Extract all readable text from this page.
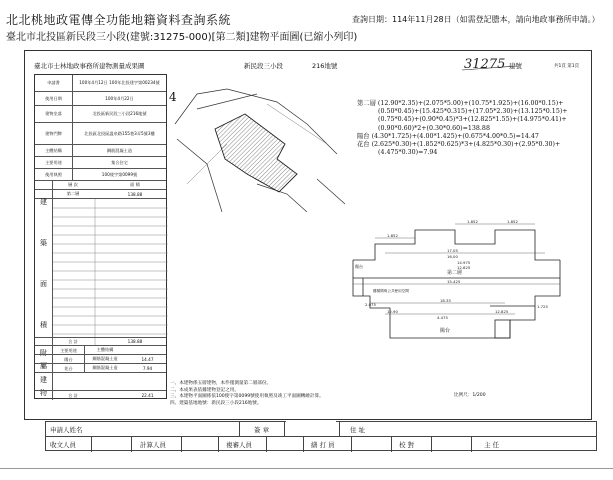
北北桃地政電傳全功能地籍資料查詢系統	查詢日期：114年11月28日（如需登記謄本，請向地政事務所申請。）
臺北市北投區新民段三小段(建號:31275-000)[第二類]建物平面圖(已縮小列印)
臺北市士林地政事務所建物測量成果圖	新民段三小段	216地號	建號	共1頁 第1頁
31275
申請書	100年4月12日 100年北投建字第00234號
使用日期	100年4月22日
建物坐落	北投區新民段三小段216地號
建物門牌	北投區北投區溫泉路155巷3弄5號3樓
主體結構	鋼筋混凝土造
主要用途	集合住宅
使用執照	100使字第0099號
層 次	面 積
第二層	138.88
建
築
面
積
合 計	138.88
附
屬
建
物
主要用途	主體結構
陽台	鋼筋混凝土造	14.47
花台	鋼筋混凝土造	7.94
合 計	22.41
4	第二層 (12.90*2.35)+(2.075*5.00)+(10.75*1.925)+(16.00*0.15)+
(0.50*0.45)+(15.425*0.315)+(17.05*2.30)+(13.125*0.15)+
(0.75*0.45)+(0.90*0.45)*3+(12.825*1.55)+(14.975*0.41)+
(0.90*0.60)*2+(0.30*0.60)=138.88
陽台 (4.30*1.725)+(4.00*1.425)+(0.675*4.00*0.5)=14.47
花台 (2.625*0.30)+(1.852*0.625)*3+(4.825*0.30)+(2.95*0.30)+
(4.475*0.30)=7.94
1.852
1.852	1.852
17.05
16.00
14.975
12.825
15.425
18.35
12.90
2.075	1.725
4.475
12.825
第二層
陽台
陽台
樓梯間與公共使用空間
一、本建物係五層建物，本件僅測量第二層部份。
二、本成果表依據建物登記之用。
三、本建物平面圖係依100使字第0099號使用執照及竣工平面圖轉繪計算。
四、建築基地地號：新民段三小段216地號。
比例尺：1/200
申請人姓名	簽 章	住 址
收文人員	計算人員	複審人員	繕 打 員	校 對	主 任
